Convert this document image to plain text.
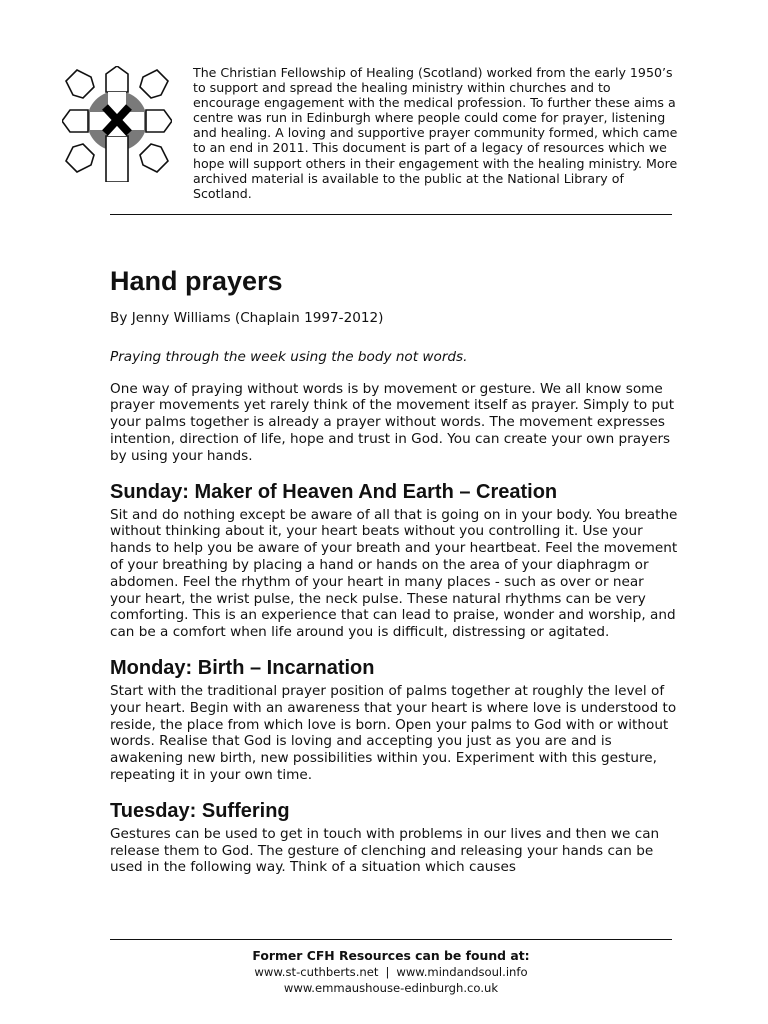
The Christian Fellowship of Healing (Scotland) worked from the early 1950’s to support and spread the healing ministry within churches and to encourage engagement with the medical profession. To further these aims a centre was run in Edinburgh where people could come for prayer, listening and healing. A loving and supportive prayer community formed, which came to an end in 2011. This document is part of a legacy of resources which we hope will support others in their engagement with the healing ministry. More archived material is available to the public at the National Library of Scotland.

Hand prayers

By Jenny Williams (Chaplain 1997-2012)

Praying through the week using the body not words.

One way of praying without words is by movement or gesture. We all know some prayer movements yet rarely think of the movement itself as prayer. Simply to put your palms together is already a prayer without words. The movement expresses intention, direction of life, hope and trust in God. You can create your own prayers by using your hands.

Sunday: Maker of Heaven And Earth – Creation

Sit and do nothing except be aware of all that is going on in your body. You breathe without thinking about it, your heart beats without you controlling it. Use your hands to help you be aware of your breath and your heartbeat. Feel the movement of your breathing by placing a hand or hands on the area of your diaphragm or abdomen. Feel the rhythm of your heart in many places - such as over or near your heart, the wrist pulse, the neck pulse. These natural rhythms can be very comforting. This is an experience that can lead to praise, wonder and worship, and can be a comfort when life around you is difficult, distressing or agitated.

Monday: Birth – Incarnation

Start with the traditional prayer position of palms together at roughly the level of your heart. Begin with an awareness that your heart is where love is understood to reside, the place from which love is born. Open your palms to God with or without words. Realise that God is loving and accepting you just as you are and is awakening new birth, new possibilities within you. Experiment with this gesture, repeating it in your own time.

Tuesday: Suffering

Gestures can be used to get in touch with problems in our lives and then we can release them to God. The gesture of clenching and releasing your hands can be used in the following way. Think of a situation which causes

Former CFH Resources can be found at:
www.st-cuthberts.net | www.mindandsoul.info
www.emmaushouse-edinburgh.co.uk
